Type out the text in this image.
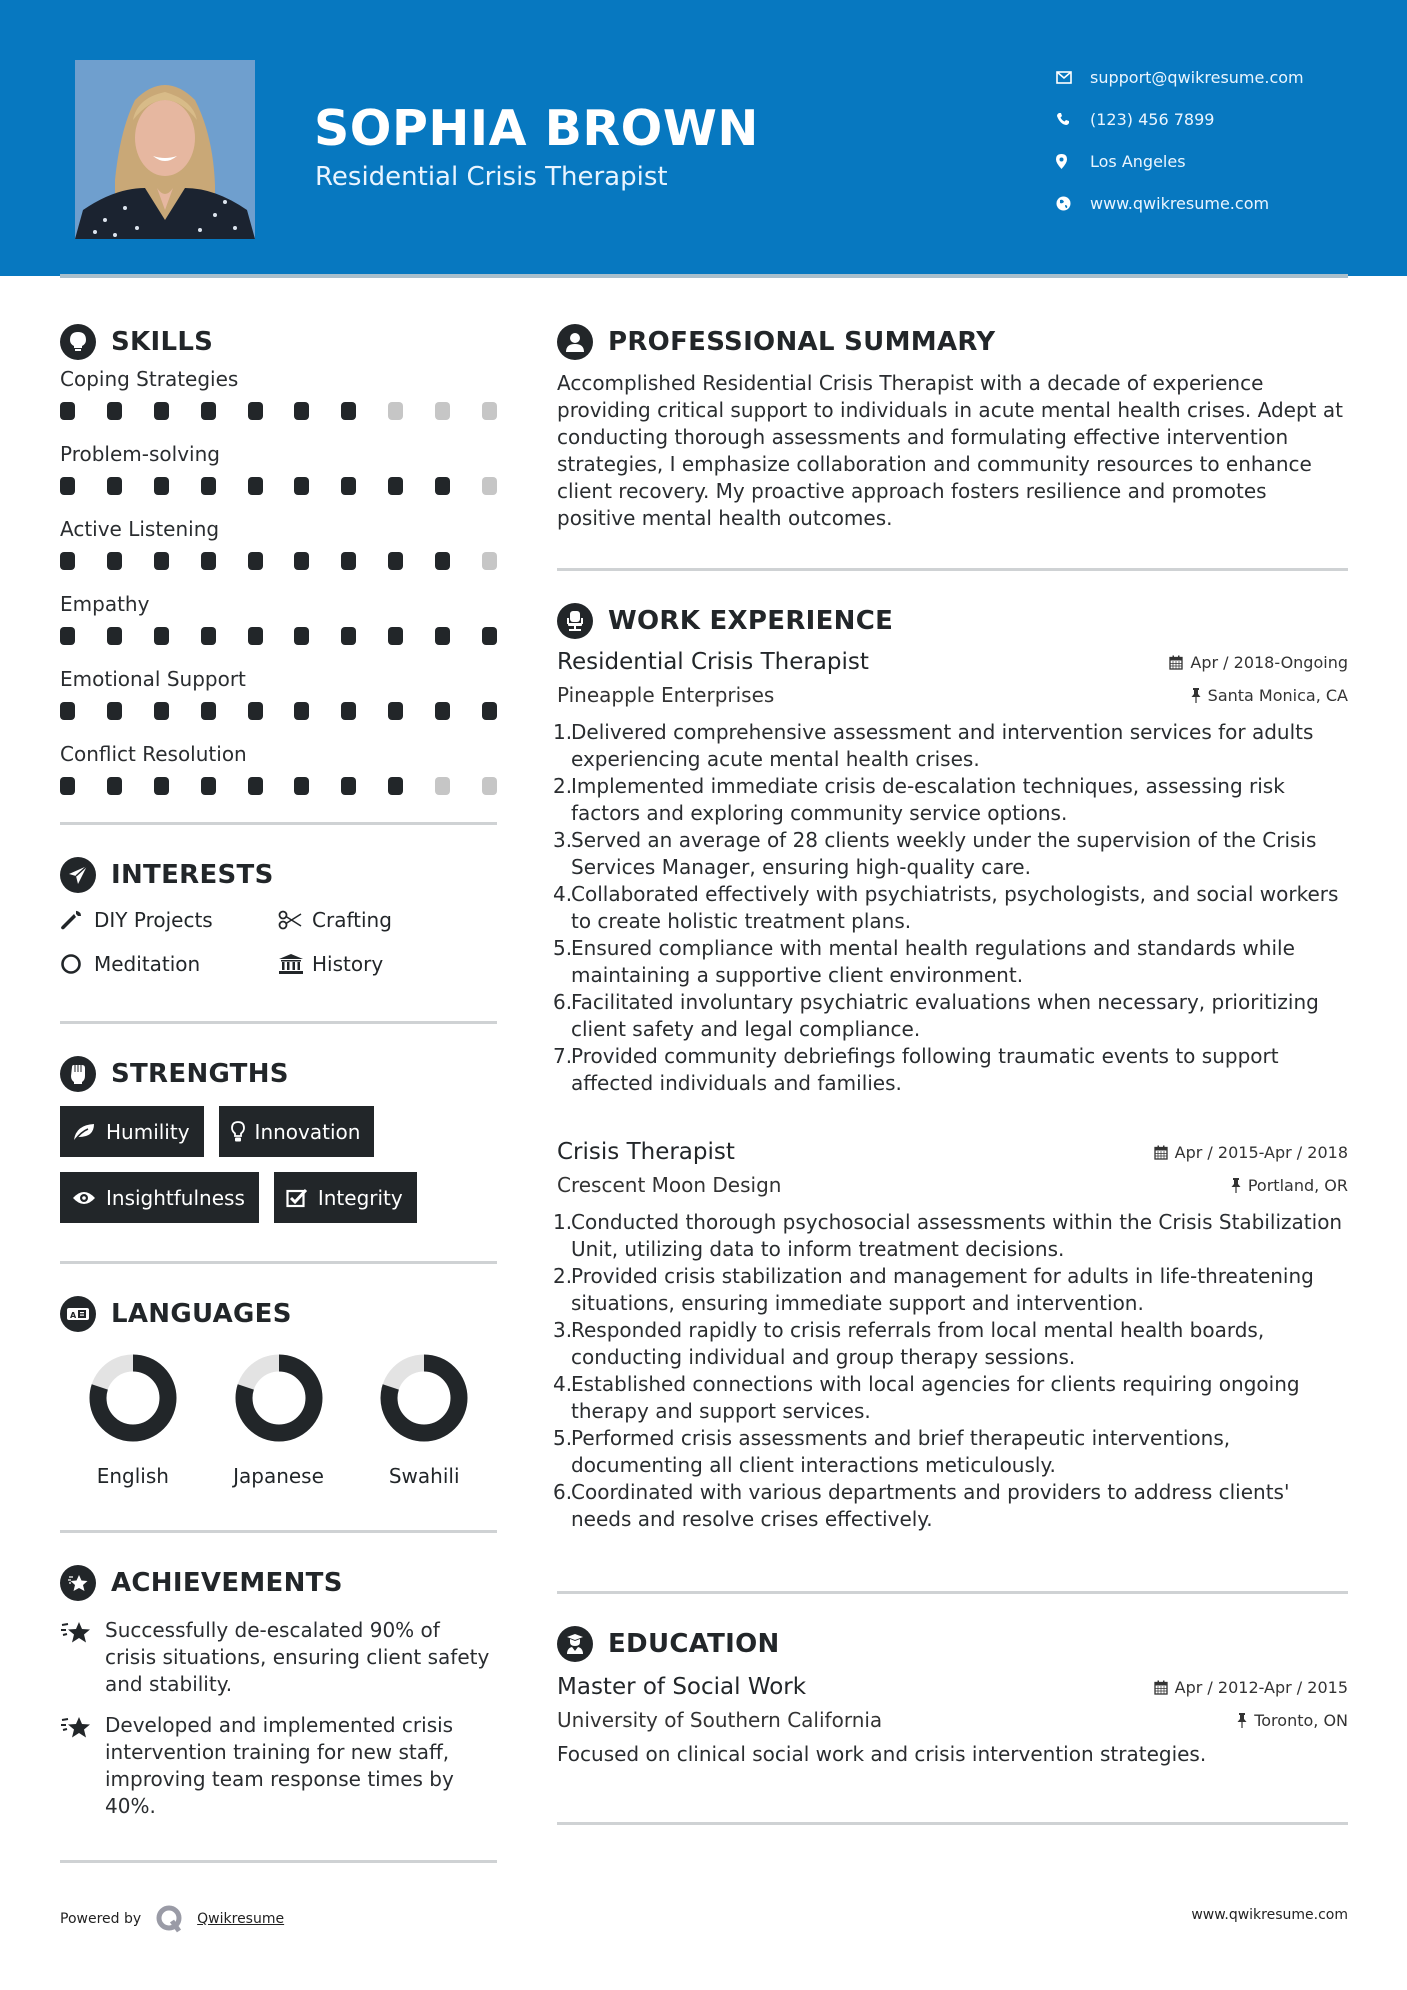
SOPHIA BROWN
Residential Crisis Therapist
support@qwikresume.com
(123) 456 7899
Los Angeles
www.qwikresume.com
SKILLS
Coping Strategies
Problem-solving
Active Listening
Empathy
Emotional Support
Conflict Resolution
INTERESTS
DIY Projects	Crafting
Meditation	History
STRENGTHS
Humility	Innovation
Insightfulness	Integrity
A LANGUAGES
English	Japanese	Swahili
ACHIEVEMENTS
Successfully de-escalated 90% of crisis situations, ensuring client safety and stability.
Developed and implemented crisis intervention training for new staff, improving team response times by 40%.
PROFESSIONAL SUMMARY

Accomplished Residential Crisis Therapist with a decade of experience providing critical support to individuals in acute mental health crises. Adept at conducting thorough assessments and formulating effective intervention strategies, I emphasize collaboration and community resources to enhance client recovery. My proactive approach fosters resilience and promotes positive mental health outcomes.

WORK EXPERIENCE
Residential Crisis Therapist	Apr / 2018-Ongoing
Pineapple Enterprises	Santa Monica, CA
1.
Delivered comprehensive assessment and intervention services for adults experiencing acute mental health crises.
2.
Implemented immediate crisis de-escalation techniques, assessing risk factors and exploring community service options.
3.
Served an average of 28 clients weekly under the supervision of the Crisis Services Manager, ensuring high-quality care.
4.
Collaborated effectively with psychiatrists, psychologists, and social workers to create holistic treatment plans.
5.
Ensured compliance with mental health regulations and standards while maintaining a supportive client environment.
6.
Facilitated involuntary psychiatric evaluations when necessary, prioritizing client safety and legal compliance.
7.
Provided community debriefings following traumatic events to support affected individuals and families.
Crisis Therapist	Apr / 2015-Apr / 2018
Crescent Moon Design	Portland, OR
1.
Conducted thorough psychosocial assessments within the Crisis Stabilization Unit, utilizing data to inform treatment decisions.
2.
Provided crisis stabilization and management for adults in life-threatening situations, ensuring immediate support and intervention.
3.
Responded rapidly to crisis referrals from local mental health boards, conducting individual and group therapy sessions.
4.
Established connections with local agencies for clients requiring ongoing therapy and support services.
5.
Performed crisis assessments and brief therapeutic interventions, documenting all client interactions meticulously.
6.
Coordinated with various departments and providers to address clients' needs and resolve crises effectively.
EDUCATION
Master of Social Work	Apr / 2012-Apr / 2015
University of Southern California	Toronto, ON

Focused on clinical social work and crisis intervention strategies.

Powered by	Qwikresume	www.qwikresume.com
